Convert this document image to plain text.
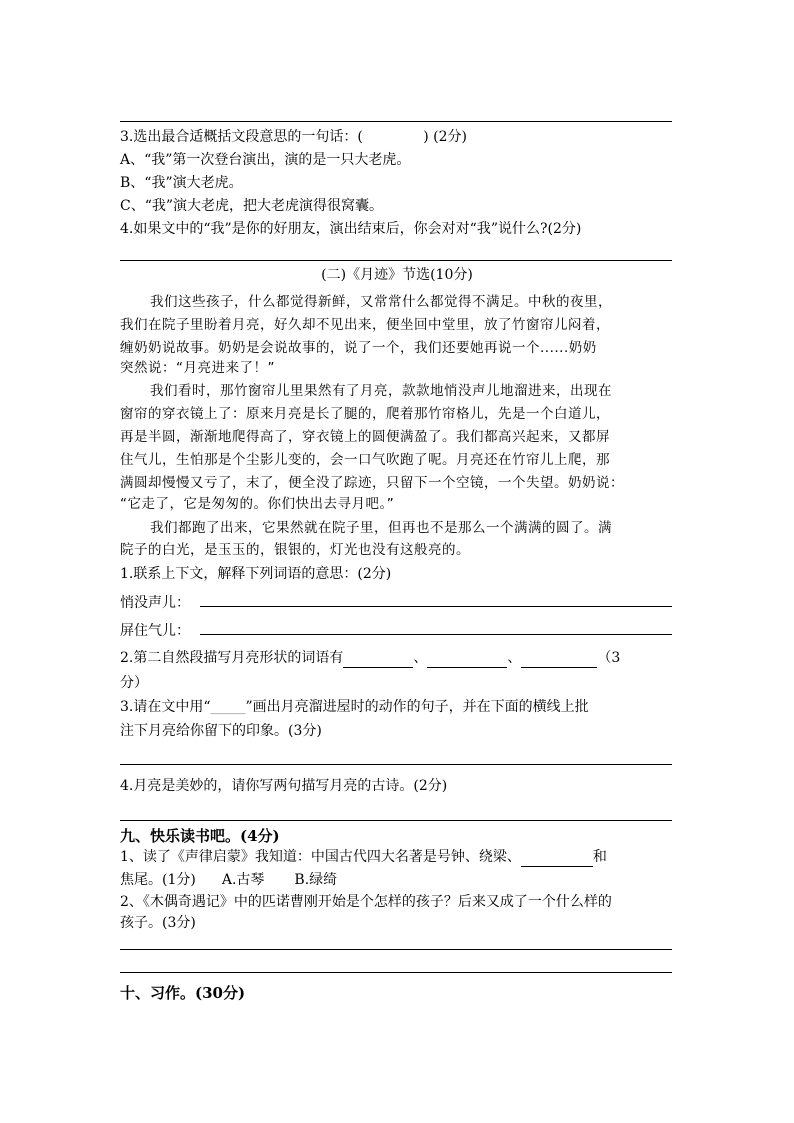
3.选出最合适概括文段意思的一句话：(　　　　 ) (2分)
A、“我”第一次登台演出，演的是一只大老虎。
B、“我”演大老虎。
C、“我”演大老虎，把大老虎演得很窝囊。
4.如果文中的“我”是你的好朋友，演出结束后，你会对对“我”说什么?(2分)
(二)《月迹》节选(10分)
我们这些孩子，什么都觉得新鲜，又常常什么都觉得不满足。中秋的夜里，
我们在院子里盼着月亮，好久却不见出来，便坐回中堂里，放了竹窗帘儿闷着，
缠奶奶说故事。奶奶是会说故事的，说了一个，我们还要她再说一个......奶奶
突然说：“月亮进来了！”
我们看时，那竹窗帘儿里果然有了月亮，款款地悄没声儿地溜进来，出现在
窗帘的穿衣镜上了：原来月亮是长了腿的，爬着那竹帘格儿，先是一个白道儿，
再是半圆，渐渐地爬得高了，穿衣镜上的圆便满盈了。我们都高兴起来，又都屏
住气儿，生怕那是个尘影儿变的，会一口气吹跑了呢。月亮还在竹帘儿上爬，那
满圆却慢慢又亏了，末了，便全没了踪迹，只留下一个空镜，一个失望。奶奶说：
“它走了，它是匆匆的。你们快出去寻月吧。”
我们都跑了出来，它果然就在院子里，但再也不是那么一个满满的圆了。满
院子的白光，是玉玉的，银银的，灯光也没有这般亮的。
1.联系上下文，解释下列词语的意思：(2分)
悄没声儿：
屏住气儿：
2.第二自然段描写月亮形状的词语有	、	、	（3
分）
3.请在文中用“_____”画出月亮溜进屋时的动作的句子，并在下面的横线上批
注下月亮给你留下的印象。(3分)
4.月亮是美妙的，请你写两句描写月亮的古诗。(2分)
九、快乐读书吧。(4分)
1、读了《声律启蒙》我知道：中国古代四大名著是号钟、绕梁、	和
焦尾。(1分) A.古琴 B.绿绮
2、《木偶奇遇记》中的匹诺曹刚开始是个怎样的孩子？后来又成了一个什么样的
孩子。(3分)
十、习作。(30分)
